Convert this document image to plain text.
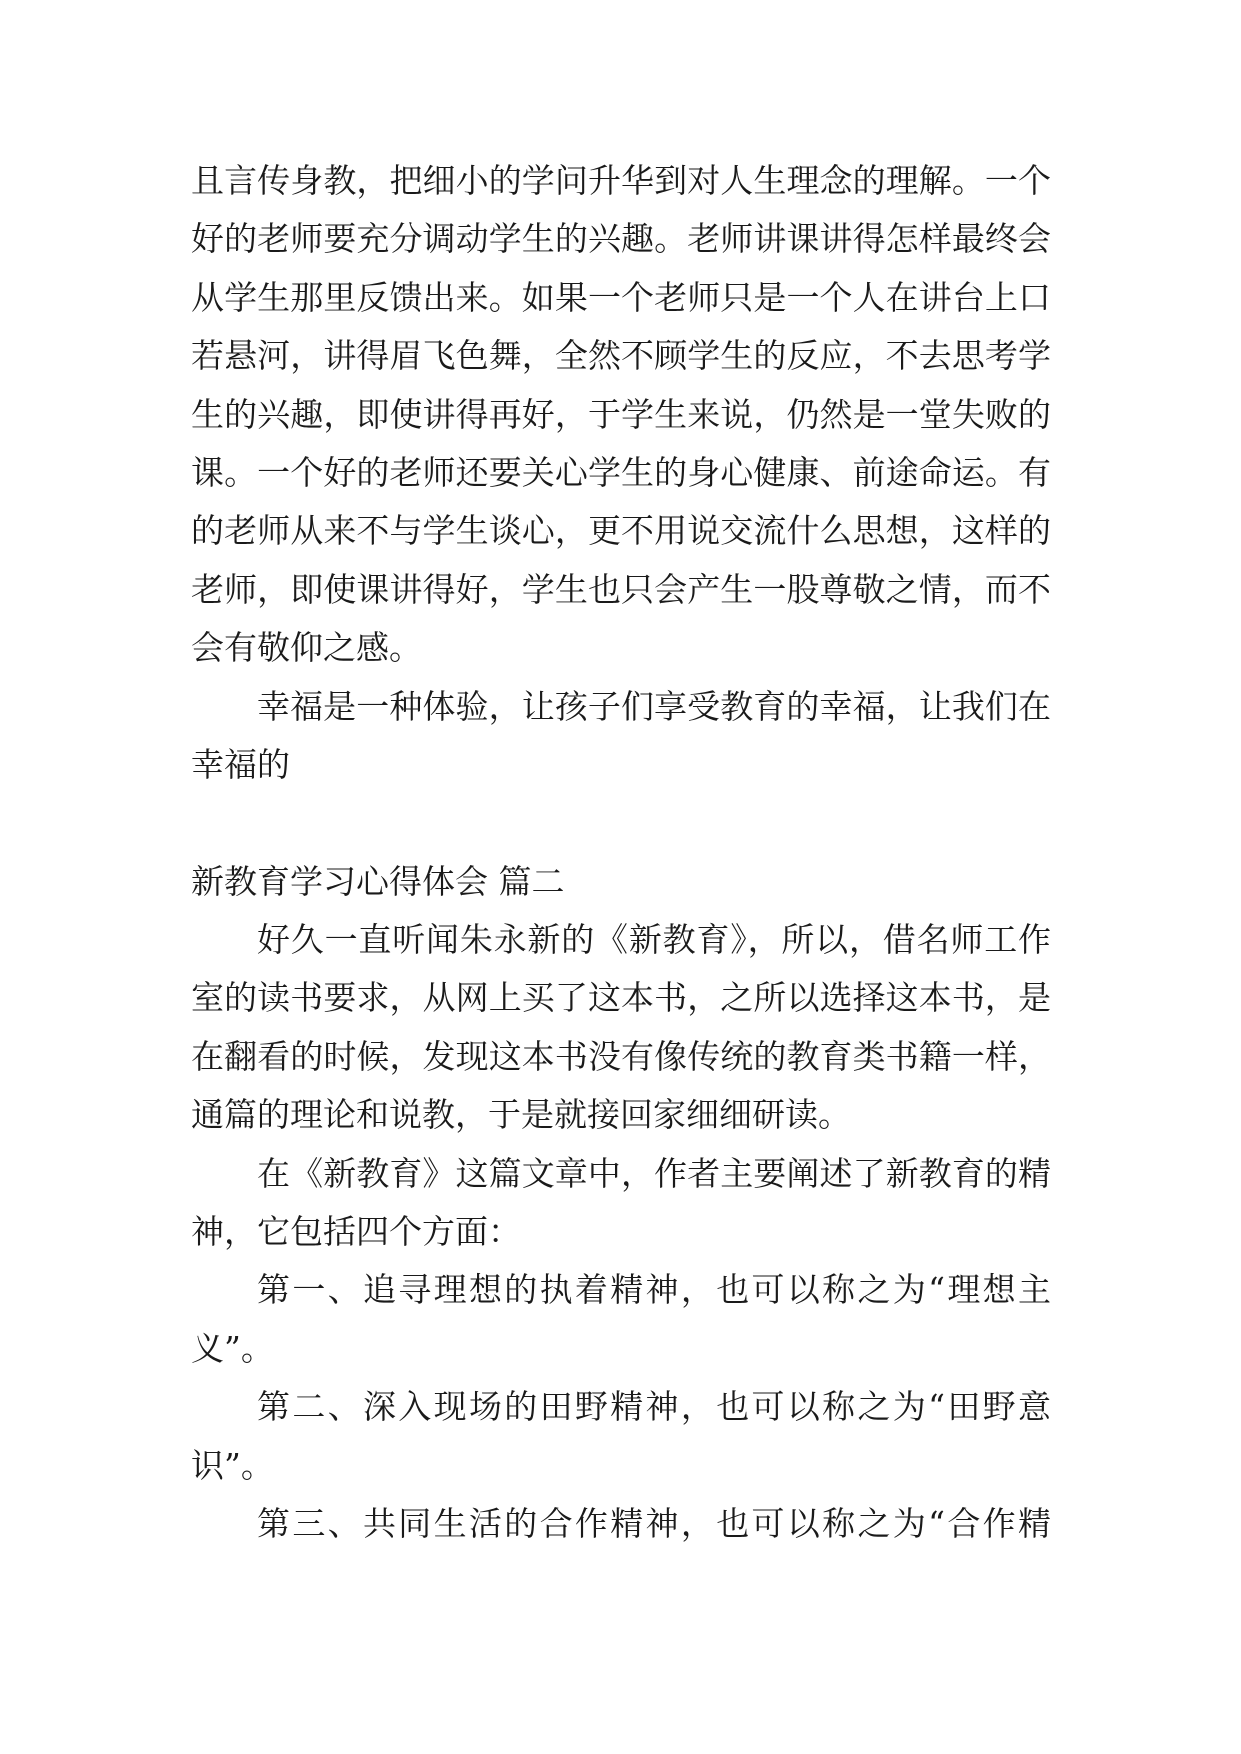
且言传身教，把细小的学问升华到对人生理念的理解。一个
好的老师要充分调动学生的兴趣。老师讲课讲得怎样最终会
从学生那里反馈出来。如果一个老师只是一个人在讲台上口
若悬河，讲得眉飞色舞，全然不顾学生的反应，不去思考学
生的兴趣，即使讲得再好，于学生来说，仍然是一堂失败的
课。一个好的老师还要关心学生的身心健康、前途命运。有
的老师从来不与学生谈心，更不用说交流什么思想，这样的
老师，即使课讲得好，学生也只会产生一股尊敬之情，而不
会有敬仰之感。
幸福是一种体验，让孩子们享受教育的幸福，让我们在
幸福的
新教育学习心得体会 篇二
好久一直听闻朱永新的《新教育》，所以，借名师工作
室的读书要求，从网上买了这本书，之所以选择这本书，是
在翻看的时候，发现这本书没有像传统的教育类书籍一样，
通篇的理论和说教，于是就接回家细细研读。
在《新教育》这篇文章中，作者主要阐述了新教育的精
神，它包括四个方面：
第一、追寻理想的执着精神，也可以称之为“理想主
义”。
第二、深入现场的田野精神，也可以称之为“田野意
识”。
第三、共同生活的合作精神，也可以称之为“合作精
